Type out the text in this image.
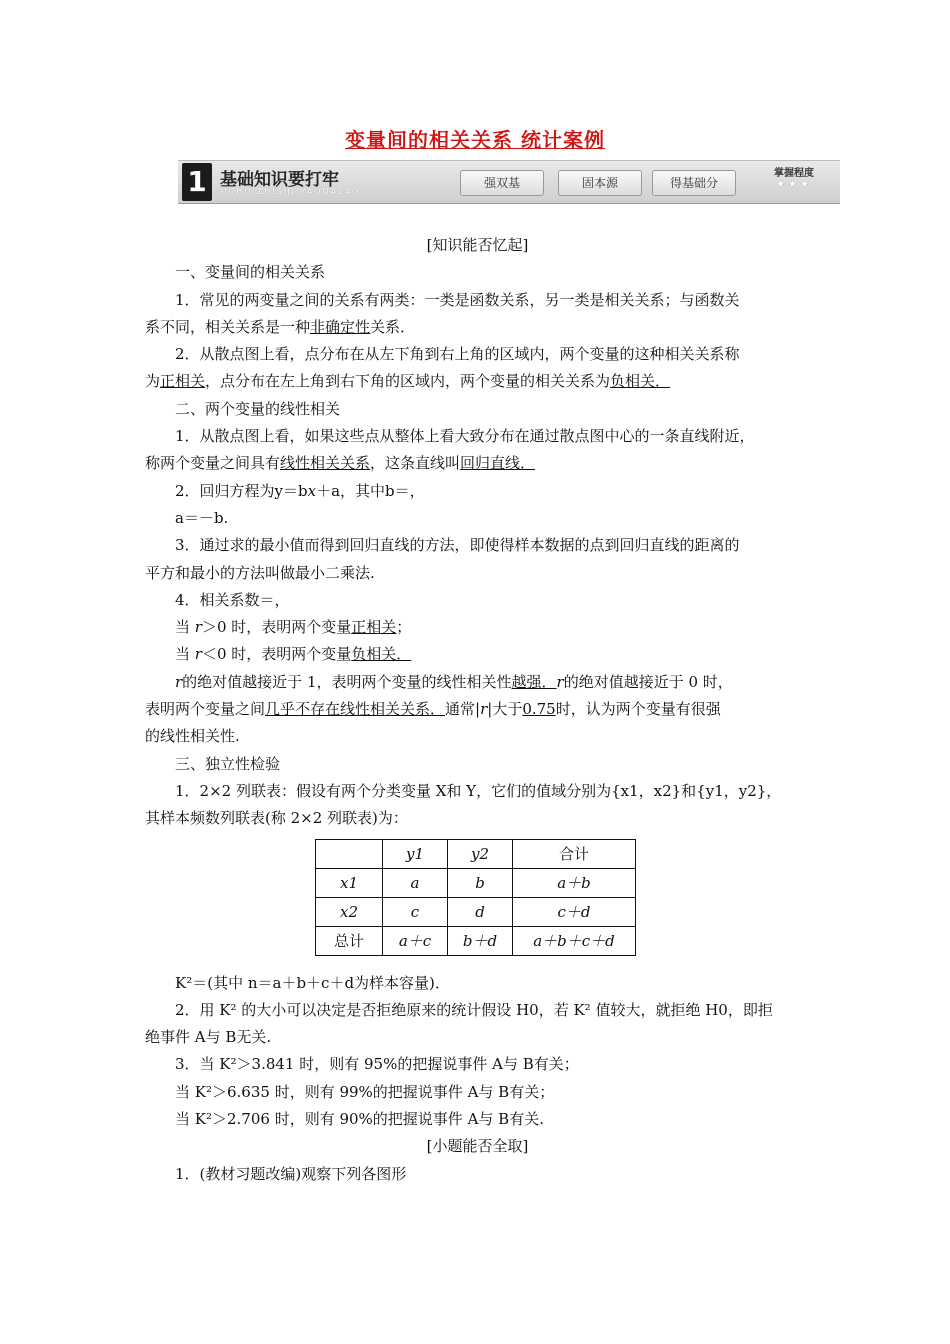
变量间的相关关系 统计案例
1 基础知识要打牢
JICHU ZHISHI YAODALAO
强双基	固本源	得基础分
掌握程度
★★★
[知识能否忆起]
一、变量间的相关关系
1．常见的两变量之间的关系有两类：一类是函数关系，另一类是相关关系；与函数关
系不同，相关关系是一种非确定性关系．
2．从散点图上看，点分布在从左下角到右上角的区域内，两个变量的这种相关关系称
为正相关，点分布在左上角到右下角的区域内，两个变量的相关关系为负相关．
二、两个变量的线性相关
1．从散点图上看，如果这些点从整体上看大致分布在通过散点图中心的一条直线附近，
称两个变量之间具有线性相关关系，这条直线叫回归直线．
2．回归方程为y＝bx＋a，其中b＝，
a＝－b.
3．通过求的最小值而得到回归直线的方法，即使得样本数据的点到回归直线的距离的
平方和最小的方法叫做最小二乘法.
4．相关系数＝，
当 r＞0 时，表明两个变量正相关；
当 r＜0 时，表明两个变量负相关．
r的绝对值越接近于 1，表明两个变量的线性相关性越强．r的绝对值越接近于 0 时，
表明两个变量之间几乎不存在线性相关关系．通常|r|大于0.75时，认为两个变量有很强
的线性相关性.
三、独立性检验
1．2×2 列联表：假设有两个分类变量 X和 Y，它们的值域分别为{x1，x2}和{y1，y2}，
其样本频数列联表(称 2×2 列联表)为：
	y1	y2	合计
x1	a	b	a＋b
x2	c	d	c＋d
总计	a＋c	b＋d	a＋b＋c＋d
K²＝(其中 n＝a＋b＋c＋d为样本容量)．
2．用 K² 的大小可以决定是否拒绝原来的统计假设 H0，若 K² 值较大，就拒绝 H0，即拒
绝事件 A与 B无关.
3．当 K²＞3.841 时，则有 95%的把握说事件 A与 B有关；
当 K²＞6.635 时，则有 99%的把握说事件 A与 B有关；
当 K²＞2.706 时，则有 90%的把握说事件 A与 B有关.
[小题能否全取]
1．(教材习题改编)观察下列各图形
